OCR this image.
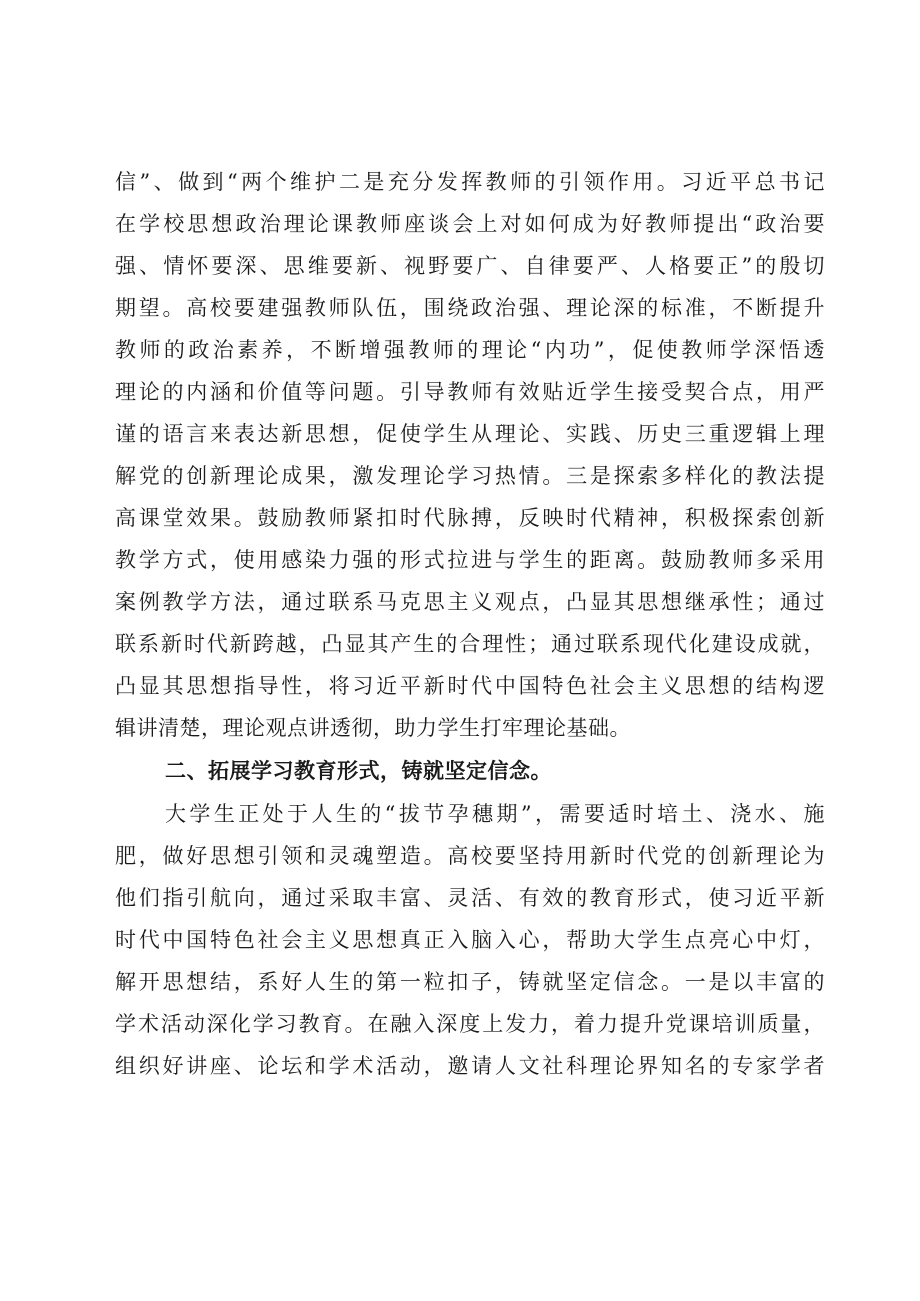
信”、做到“两个维护二是充分发挥教师的引领作用。习近平总书记
在学校思想政治理论课教师座谈会上对如何成为好教师提出“政治要
强、情怀要深、思维要新、视野要广、自律要严、人格要正”的殷切
期望。高校要建强教师队伍，围绕政治强、理论深的标准，不断提升
教师的政治素养，不断增强教师的理论“内功”，促使教师学深悟透
理论的内涵和价值等问题。引导教师有效贴近学生接受契合点，用严
谨的语言来表达新思想，促使学生从理论、实践、历史三重逻辑上理
解党的创新理论成果，激发理论学习热情。三是探索多样化的教法提
高课堂效果。鼓励教师紧扣时代脉搏，反映时代精神，积极探索创新
教学方式，使用感染力强的形式拉进与学生的距离。鼓励教师多采用
案例教学方法，通过联系马克思主义观点，凸显其思想继承性；通过
联系新时代新跨越，凸显其产生的合理性；通过联系现代化建设成就，
凸显其思想指导性，将习近平新时代中国特色社会主义思想的结构逻
辑讲清楚，理论观点讲透彻，助力学生打牢理论基础。
二、拓展学习教育形式，铸就坚定信念。
大学生正处于人生的“拔节孕穗期”，需要适时培土、浇水、施
肥，做好思想引领和灵魂塑造。高校要坚持用新时代党的创新理论为
他们指引航向，通过采取丰富、灵活、有效的教育形式，使习近平新
时代中国特色社会主义思想真正入脑入心，帮助大学生点亮心中灯，
解开思想结，系好人生的第一粒扣子，铸就坚定信念。一是以丰富的
学术活动深化学习教育。在融入深度上发力，着力提升党课培训质量，
组织好讲座、论坛和学术活动，邀请人文社科理论界知名的专家学者
